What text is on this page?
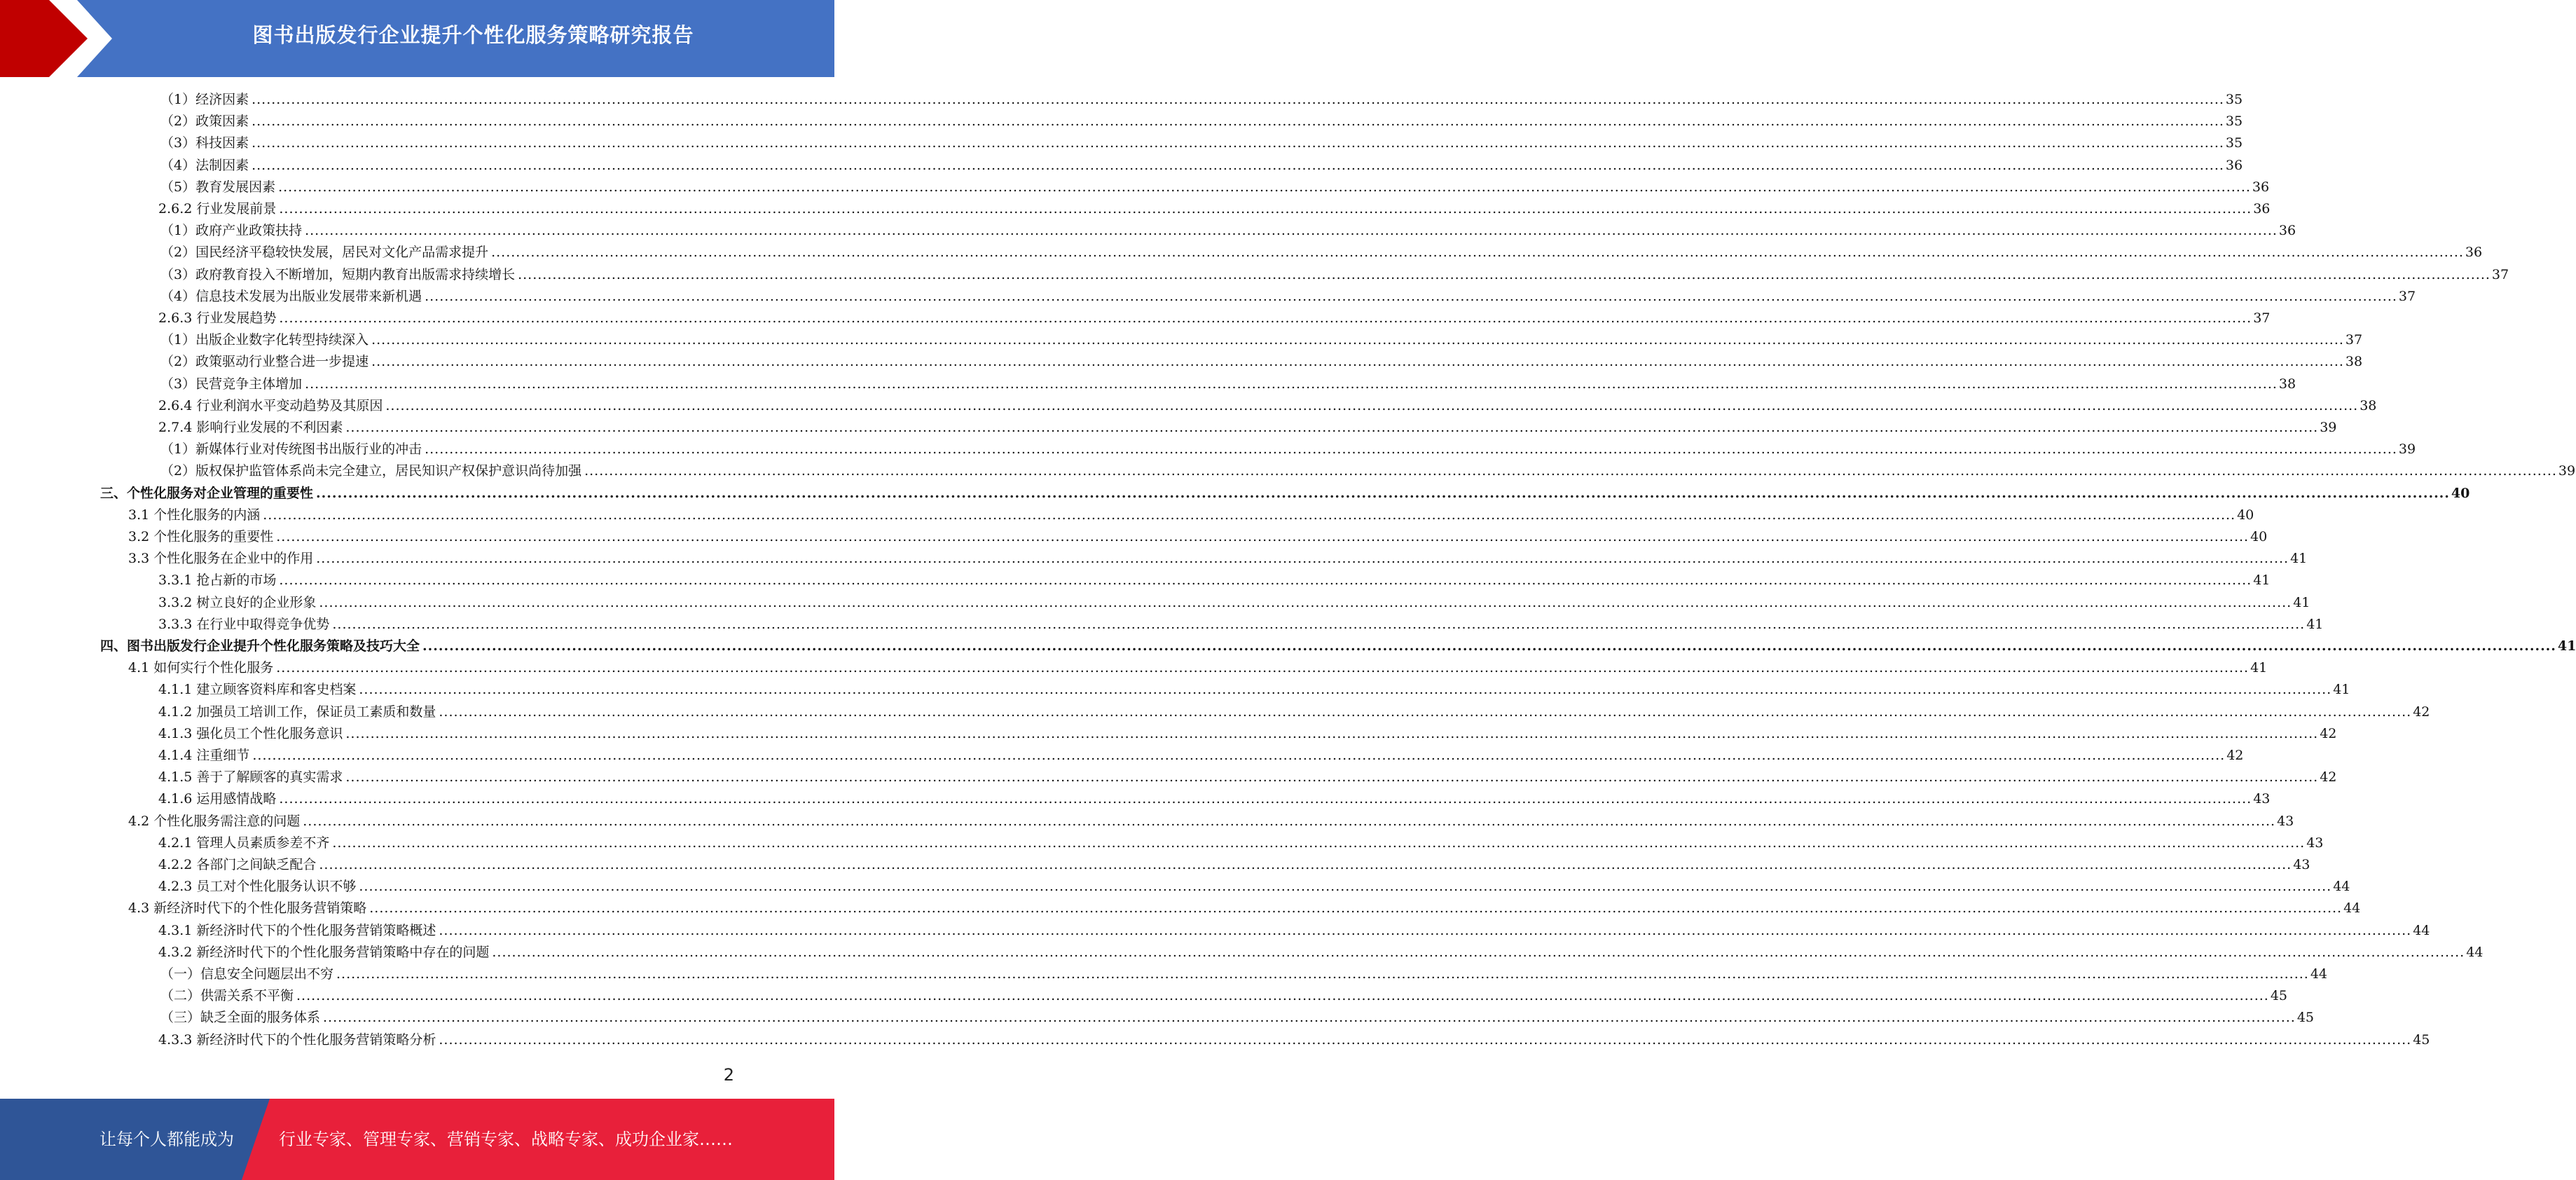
图书出版发行企业提升个性化服务策略研究报告
（1）经济因素 ................................................................................................................................................................................................................................................................................................................................................................................................................ 35
（2）政策因素 ................................................................................................................................................................................................................................................................................................................................................................................................................ 35
（3）科技因素 ................................................................................................................................................................................................................................................................................................................................................................................................................ 35
（4）法制因素 ................................................................................................................................................................................................................................................................................................................................................................................................................ 36
（5）教育发展因素 ................................................................................................................................................................................................................................................................................................................................................................................................................ 36
2.6.2 行业发展前景 ................................................................................................................................................................................................................................................................................................................................................................................................................ 36
（1）政府产业政策扶持 ................................................................................................................................................................................................................................................................................................................................................................................................................ 36
（2）国民经济平稳较快发展，居民对文化产品需求提升 ................................................................................................................................................................................................................................................................................................................................................................................................................ 36
（3）政府教育投入不断增加，短期内教育出版需求持续增长 ................................................................................................................................................................................................................................................................................................................................................................................................................ 37
（4）信息技术发展为出版业发展带来新机遇 ................................................................................................................................................................................................................................................................................................................................................................................................................ 37
2.6.3 行业发展趋势 ................................................................................................................................................................................................................................................................................................................................................................................................................ 37
（1）出版企业数字化转型持续深入 ................................................................................................................................................................................................................................................................................................................................................................................................................ 37
（2）政策驱动行业整合进一步提速 ................................................................................................................................................................................................................................................................................................................................................................................................................ 38
（3）民营竞争主体增加 ................................................................................................................................................................................................................................................................................................................................................................................................................ 38
2.6.4 行业利润水平变动趋势及其原因 ................................................................................................................................................................................................................................................................................................................................................................................................................ 38
2.7.4 影响行业发展的不利因素 ................................................................................................................................................................................................................................................................................................................................................................................................................ 39
（1）新媒体行业对传统图书出版行业的冲击 ................................................................................................................................................................................................................................................................................................................................................................................................................ 39
（2）版权保护监管体系尚未完全建立，居民知识产权保护意识尚待加强 ................................................................................................................................................................................................................................................................................................................................................................................................................ 39
三、个性化服务对企业管理的重要性 ................................................................................................................................................................................................................................................................................................................................................................................................................ 40
3.1 个性化服务的内涵 ................................................................................................................................................................................................................................................................................................................................................................................................................ 40
3.2 个性化服务的重要性 ................................................................................................................................................................................................................................................................................................................................................................................................................ 40
3.3 个性化服务在企业中的作用 ................................................................................................................................................................................................................................................................................................................................................................................................................ 41
3.3.1 抢占新的市场 ................................................................................................................................................................................................................................................................................................................................................................................................................ 41
3.3.2 树立良好的企业形象 ................................................................................................................................................................................................................................................................................................................................................................................................................ 41
3.3.3 在行业中取得竞争优势 ................................................................................................................................................................................................................................................................................................................................................................................................................ 41
四、图书出版发行企业提升个性化服务策略及技巧大全 ................................................................................................................................................................................................................................................................................................................................................................................................................ 41
4.1 如何实行个性化服务 ................................................................................................................................................................................................................................................................................................................................................................................................................ 41
4.1.1 建立顾客资料库和客史档案 ................................................................................................................................................................................................................................................................................................................................................................................................................ 41
4.1.2 加强员工培训工作，保证员工素质和数量 ................................................................................................................................................................................................................................................................................................................................................................................................................ 42
4.1.3 强化员工个性化服务意识 ................................................................................................................................................................................................................................................................................................................................................................................................................ 42
4.1.4 注重细节 ................................................................................................................................................................................................................................................................................................................................................................................................................ 42
4.1.5 善于了解顾客的真实需求 ................................................................................................................................................................................................................................................................................................................................................................................................................ 42
4.1.6 运用感情战略 ................................................................................................................................................................................................................................................................................................................................................................................................................ 43
4.2 个性化服务需注意的问题 ................................................................................................................................................................................................................................................................................................................................................................................................................ 43
4.2.1 管理人员素质参差不齐 ................................................................................................................................................................................................................................................................................................................................................................................................................ 43
4.2.2 各部门之间缺乏配合 ................................................................................................................................................................................................................................................................................................................................................................................................................ 43
4.2.3 员工对个性化服务认识不够 ................................................................................................................................................................................................................................................................................................................................................................................................................ 44
4.3 新经济时代下的个性化服务营销策略 ................................................................................................................................................................................................................................................................................................................................................................................................................ 44
4.3.1 新经济时代下的个性化服务营销策略概述 ................................................................................................................................................................................................................................................................................................................................................................................................................ 44
4.3.2 新经济时代下的个性化服务营销策略中存在的问题 ................................................................................................................................................................................................................................................................................................................................................................................................................ 44
（一）信息安全问题层出不穷 ................................................................................................................................................................................................................................................................................................................................................................................................................ 44
（二）供需关系不平衡 ................................................................................................................................................................................................................................................................................................................................................................................................................ 45
（三）缺乏全面的服务体系 ................................................................................................................................................................................................................................................................................................................................................................................................................ 45
4.3.3 新经济时代下的个性化服务营销策略分析 ................................................................................................................................................................................................................................................................................................................................................................................................................ 45
2
让每个人都能成为	行业专家、管理专家、营销专家、战略专家、成功企业家……
